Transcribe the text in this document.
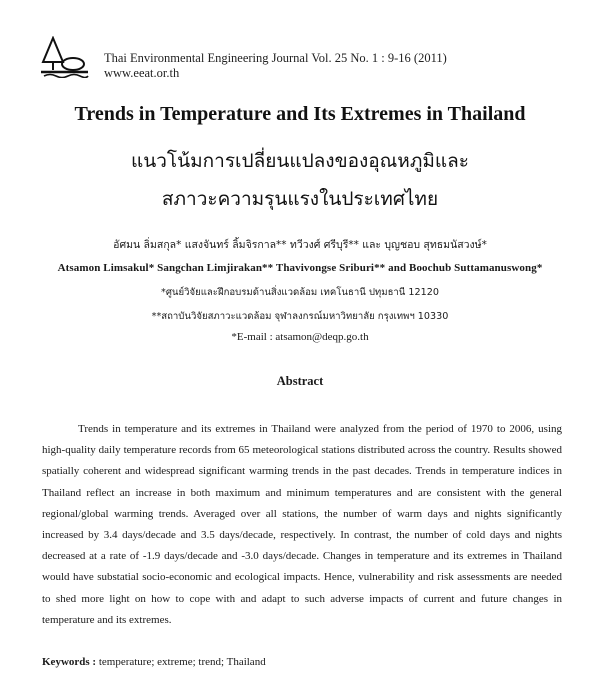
Thai Environmental Engineering Journal Vol. 25 No. 1 : 9-16 (2011)
www.eeat.or.th
Trends in Temperature and Its Extremes in Thailand
แนวโน้มการเปลี่ยนแปลงของอุณหภูมิและ
สภาวะความรุนแรงในประเทศไทย
อัศมน ลิ่มสกุล* แสงจันทร์ ลิ้มจิรกาล** ทวีวงศ์ ศรีบุรี** และ บุญชอบ สุทธมนัสวงษ์*
Atsamon Limsakul* Sangchan Limjirakan** Thavivongse Sriburi** and Boochub Suttamanuswong*
*ศูนย์วิจัยและฝึกอบรมด้านสิ่งแวดล้อม เทคโนธานี ปทุมธานี 12120
**สถาบันวิจัยสภาวะแวดล้อม จุฬาลงกรณ์มหาวิทยาลัย กรุงเทพฯ 10330
*E-mail : atsamon@deqp.go.th
Abstract
Trends in temperature and its extremes in Thailand were analyzed from the period of 1970 to 2006, using high-quality daily temperature records from 65 meteorological stations distributed across the country. Results showed spatially coherent and widespread significant warming trends in the past decades. Trends in temperature indices in Thailand reflect an increase in both maximum and minimum temperatures and are consistent with the general regional/global warming trends. Averaged over all stations, the number of warm days and nights significantly increased by 3.4 days/decade and 3.5 days/decade, respectively. In contrast, the number of cold days and nights decreased at a rate of -1.9 days/decade and -3.0 days/decade. Changes in temperature and its extremes in Thailand would have substatial socio-economic and ecological impacts. Hence, vulnerability and risk assessments are needed to shed more light on how to cope with and adapt to such adverse impacts of current and future changes in temperature and its extremes.
Keywords : temperature; extreme; trend; Thailand
